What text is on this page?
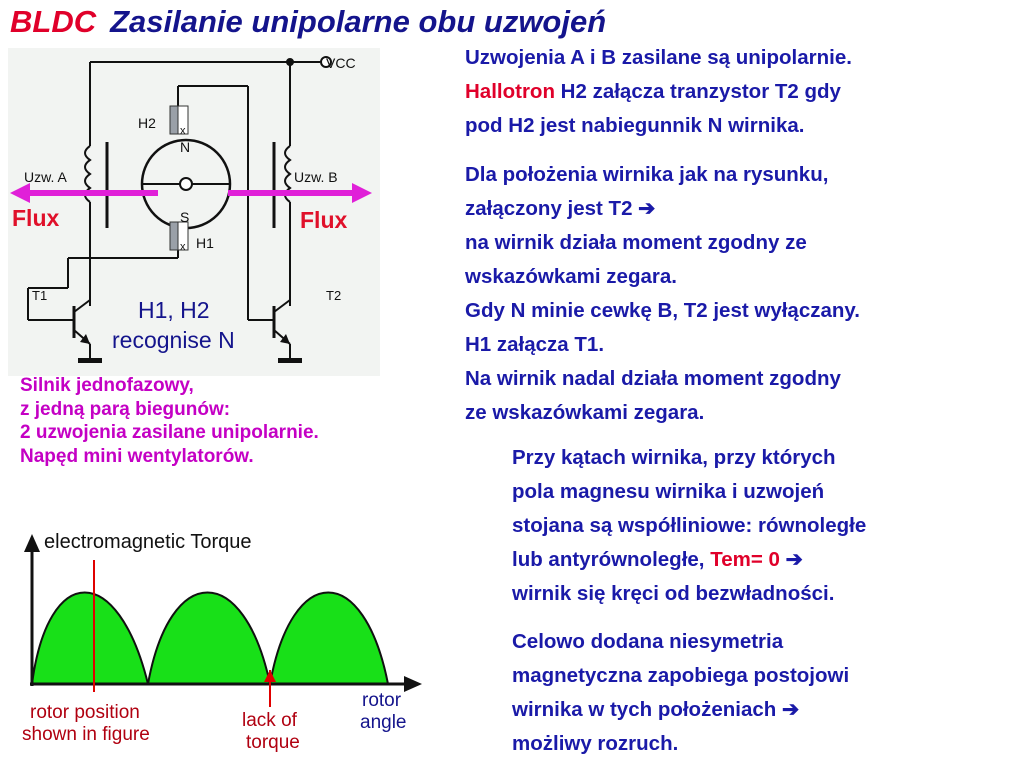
BLDC Zasilanie unipolarne obu uzwojeń
VCC
H2
H1
N
S
x
x
Uzw. A	Uzw. B
Flux	Flux
T1	T2
H1, H2
recognise N

Silnik jednofazowy,

z jedną parą biegunów:

2 uzwojenia zasilane unipolarnie.

Napęd mini wentylatorów.

electromagnetic Torque
rotor position
shown in figure
lack of
torque
rotor
angle

Uzwojenia A i B zasilane są unipolarnie.

Hallotron H2 załącza tranzystor T2 gdy

pod H2 jest nabiegunnik N wirnika.

Dla położenia wirnika jak na rysunku,

załączony jest T2 ➔

na wirnik działa moment zgodny ze

wskazówkami zegara.

Gdy N minie cewkę B, T2 jest wyłączany.

H1 załącza T1.

Na wirnik nadal działa moment zgodny

ze wskazówkami zegara.

Przy kątach wirnika, przy których

pola magnesu wirnika i uzwojeń

stojana są współliniowe: równoległe

lub antyrównoległe, Tem= 0 ➔

wirnik się kręci od bezwładności.

Celowo dodana niesymetria

magnetyczna zapobiega postojowi

wirnika w tych położeniach ➔

możliwy rozruch.
